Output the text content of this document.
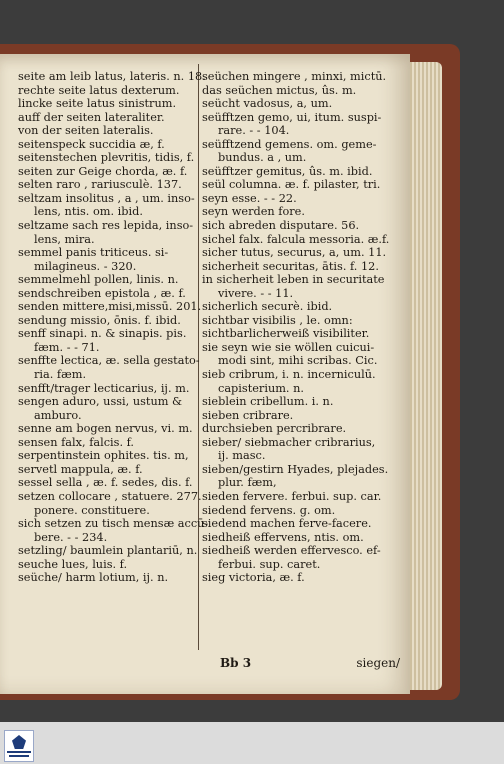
seite am leib latus, lateris. n. 18.

rechte seite latus dexterum.

lincke seite latus sinistrum.

auff der seiten lateraliter.

von der seiten lateralis.

seitenspeck succidia æ, f.

seitenstechen plevritis, tidis, f.

seiten zur Geige chorda, æ. f.

selten raro , rariusculè. 137.

seltzam insolitus , a , um. inso-

lens, ntis. om. ibid.

seltzame sach res lepida, inso-

lens, mira.

semmel panis triticeus. si-

milagineus. - 320.

semmelmehl pollen, linis. n.

sendschreiben epistola , æ. f.

senden mittere,misi,missū. 201.

sendung missio, ōnis. f. ibid.

senff sinapi. n. & sinapis. pis.

fæm. - - 71.

senffte lectica, æ. sella gestato-

ria. fæm.

senfft/trager lecticarius, ij. m.

sengen aduro, ussi, ustum &

amburo.

senne am bogen nervus, vi. m.

sensen falx, falcis. f.

serpentinstein ophites. tis. m,

servetl mappula, æ. f.

sessel sella , æ. f. sedes, dis. f.

setzen collocare , statuere. 277.

ponere. constituere.

sich setzen zu tisch mensæ accū-

bere. - - 234.

setzling/ baumlein plantariū, n.

seuche lues, luis. f.

seüche/ harm lotium, ij. n.

seüchen mingere , minxi, mictū.

das seüchen mictus, ûs. m.

seücht vadosus, a, um.

seüfftzen gemo, ui, itum. suspi-

rare. - - 104.

seüfftzend gemens. om. geme-

bundus. a , um.

seüfftzer gemitus, ûs. m. ibid.

seül columna. æ. f. pilaster, tri.

seyn esse. - - 22.

seyn werden fore.

sich abreden disputare. 56.

sichel falx. falcula messoria. æ.f.

sicher tutus, securus, a, um. 11.

sicherheit securitas, ātis. f. 12.

in sicherheit leben in securitate

vivere. - - 11.

sicherlich securè. ibid.

sichtbar visibilis , le. omn:

sichtbarlicherweiß visibiliter.

sie seyn wie sie wöllen cuicui-

modi sint, mihi scribas. Cic.

sieb cribrum, i. n. incerniculū.

capisterium. n.

sieblein cribellum. i. n.

sieben cribrare.

durchsieben percribrare.

sieber/ siebmacher cribrarius,

ij. masc.

sieben/gestirn Hyades, plejades.

plur. fæm,

sieden fervere. ferbui. sup. car.

siedend fervens. g. om.

siedend machen ferve-facere.

siedheiß effervens, ntis. om.

siedheiß werden effervesco. ef-

ferbui. sup. caret.

sieg victoria, æ. f.

Bb 3	siegen/
